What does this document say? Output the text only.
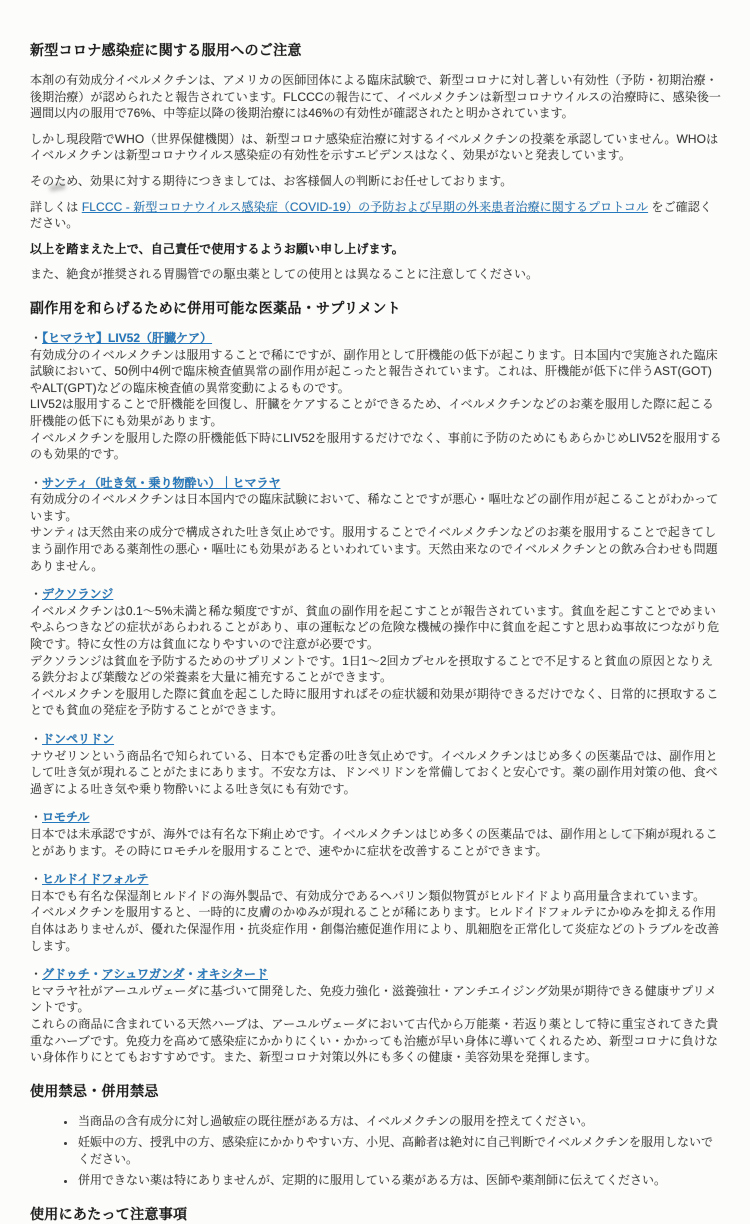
新型コロナ感染症に関する服用へのご注意

本剤の有効成分イベルメクチンは、アメリカの医師団体による臨床試験で、新型コロナに対し著しい有効性（予防・初期治療・後期治療）が認められたと報告されています。FLCCCの報告にて、イベルメクチンは新型コロナウイルスの治療時に、感染後一週間以内の服用で76%、中等症以降の後期治療には46%の有効性が確認されたと明かされています。

しかし現段階でWHO（世界保健機関）は、新型コロナ感染症治療に対するイベルメクチンの投薬を承認していません。WHOはイベルメクチンは新型コロナウイルス感染症の有効性を示すエビデンスはなく、効果がないと発表しています。

そのため、効果に対する期待につきましては、お客様個人の判断にお任せしております。

詳しくは FLCCC - 新型コロナウイルス感染症（COVID-19）の予防および早期の外来患者治療に関するプロトコル をご確認ください。

以上を踏まえた上で、自己責任で使用するようお願い申し上げます。

また、絶食が推奨される胃腸管での駆虫薬としての使用とは異なることに注意してください。

副作用を和らげるために併用可能な医薬品・サプリメント
・【ヒマラヤ】LIV52（肝臓ケア）

有効成分のイベルメクチンは服用することで稀にですが、副作用として肝機能の低下が起こります。日本国内で実施された臨床試験において、50例中4例で臨床検査値異常の副作用が起こったと報告されています。これは、肝機能が低下に伴うAST(GOT)やALT(GPT)などの臨床検査値の異常変動によるものです。

LIV52は服用することで肝機能を回復し、肝臓をケアすることができるため、イベルメクチンなどのお薬を服用した際に起こる肝機能の低下にも効果があります。

イベルメクチンを服用した際の肝機能低下時にLIV52を服用するだけでなく、事前に予防のためにもあらかじめLIV52を服用するのも効果的です。

・サンティ（吐き気・乗り物酔い）｜ヒマラヤ

有効成分のイベルメクチンは日本国内での臨床試験において、稀なことですが悪心・嘔吐などの副作用が起こることがわかっています。

サンティは天然由来の成分で構成された吐き気止めです。服用することでイベルメクチンなどのお薬を服用することで起きてしまう副作用である薬剤性の悪心・嘔吐にも効果があるといわれています。天然由来なのでイベルメクチンとの飲み合わせも問題ありません。

・デクソランジ

イベルメクチンは0.1～5%未満と稀な頻度ですが、貧血の副作用を起こすことが報告されています。貧血を起こすことでめまいやふらつきなどの症状があらわれることがあり、車の運転などの危険な機械の操作中に貧血を起こすと思わぬ事故につながり危険です。特に女性の方は貧血になりやすいので注意が必要です。

デクソランジは貧血を予防するためのサプリメントです。1日1～2回カプセルを摂取することで不足すると貧血の原因となりえる鉄分および葉酸などの栄養素を大量に補充することができます。

イベルメクチンを服用した際に貧血を起こした時に服用すればその症状緩和効果が期待できるだけでなく、日常的に摂取することでも貧血の発症を予防することができます。

・ドンペリドン

ナウゼリンという商品名で知られている、日本でも定番の吐き気止めです。イベルメクチンはじめ多くの医薬品では、副作用として吐き気が現れることがたまにあります。不安な方は、ドンペリドンを常備しておくと安心です。薬の副作用対策の他、食べ過ぎによる吐き気や乗り物酔いによる吐き気にも有効です。

・ロモチル

日本では未承認ですが、海外では有名な下痢止めです。イベルメクチンはじめ多くの医薬品では、副作用として下痢が現れることがあります。その時にロモチルを服用することで、速やかに症状を改善することができます。

・ヒルドイドフォルテ

日本でも有名な保湿剤ヒルドイドの海外製品で、有効成分であるヘパリン類似物質がヒルドイドより高用量含まれています。

イベルメクチンを服用すると、一時的に皮膚のかゆみが現れることが稀にあります。ヒルドイドフォルテにかゆみを抑える作用自体はありませんが、優れた保湿作用・抗炎症作用・創傷治癒促進作用により、肌細胞を正常化して炎症などのトラブルを改善します。

・グドゥチ・アシュワガンダ・オキシタード

ヒマラヤ社がアーユルヴェーダに基づいて開発した、免疫力強化・滋養強壮・アンチエイジング効果が期待できる健康サプリメントです。

これらの商品に含まれている天然ハーブは、アーユルヴェーダにおいて古代から万能薬・若返り薬として特に重宝されてきた貴重なハーブです。免疫力を高めて感染症にかかりにくい・かかっても治癒が早い身体に導いてくれるため、新型コロナに負けない身体作りにとてもおすすめです。また、新型コロナ対策以外にも多くの健康・美容効果を発揮します。

使用禁忌・併用禁忌
• 当商品の含有成分に対し過敏症の既往歴がある方は、イベルメクチンの服用を控えてください。
• 妊娠中の方、授乳中の方、感染症にかかりやすい方、小児、高齢者は絶対に自己判断でイベルメクチンを服用しないでください。
• 併用できない薬は特にありませんが、定期的に服用している薬がある方は、医師や薬剤師に伝えてください。
使用にあたって注意事項
